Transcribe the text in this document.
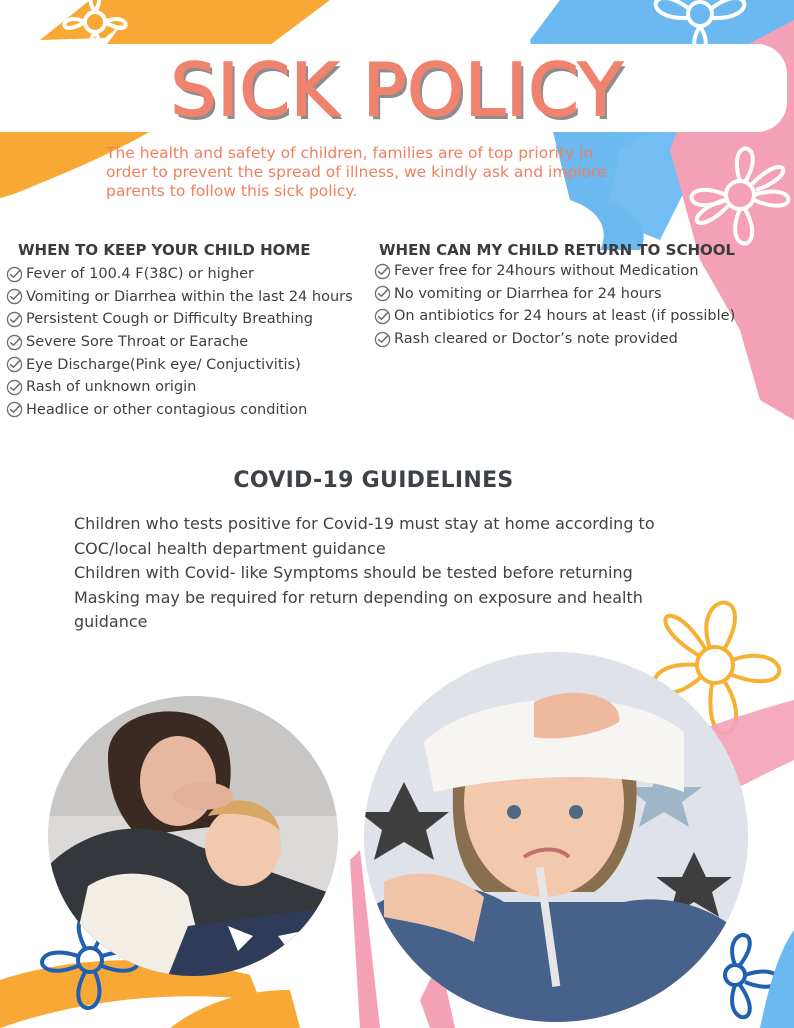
SICK POLICY
The health and safety of children, families are of top priority in order to prevent the spread of illness, we kindly ask and implore parents to follow this sick policy.
WHEN TO KEEP YOUR CHILD HOME
Fever of 100.4 F(38C) or higher
Vomiting or Diarrhea within the last 24 hours
Persistent Cough or Difficulty Breathing
Severe Sore Throat or Earache
Eye Discharge(Pink eye/ Conjuctivitis)
Rash of unknown origin
Headlice or other contagious condition
WHEN CAN MY CHILD RETURN TO SCHOOL
Fever free for 24hours without Medication
No vomiting or Diarrhea for 24 hours
On antibiotics for 24 hours at least (if possible)
Rash cleared or Doctor’s note provided
COVID-19 GUIDELINES

Children who tests positive for Covid-19 must stay at home according to COC/local health department guidance

Children with Covid- like Symptoms should be tested before returning

Masking may be required for return depending on exposure and health guidance
